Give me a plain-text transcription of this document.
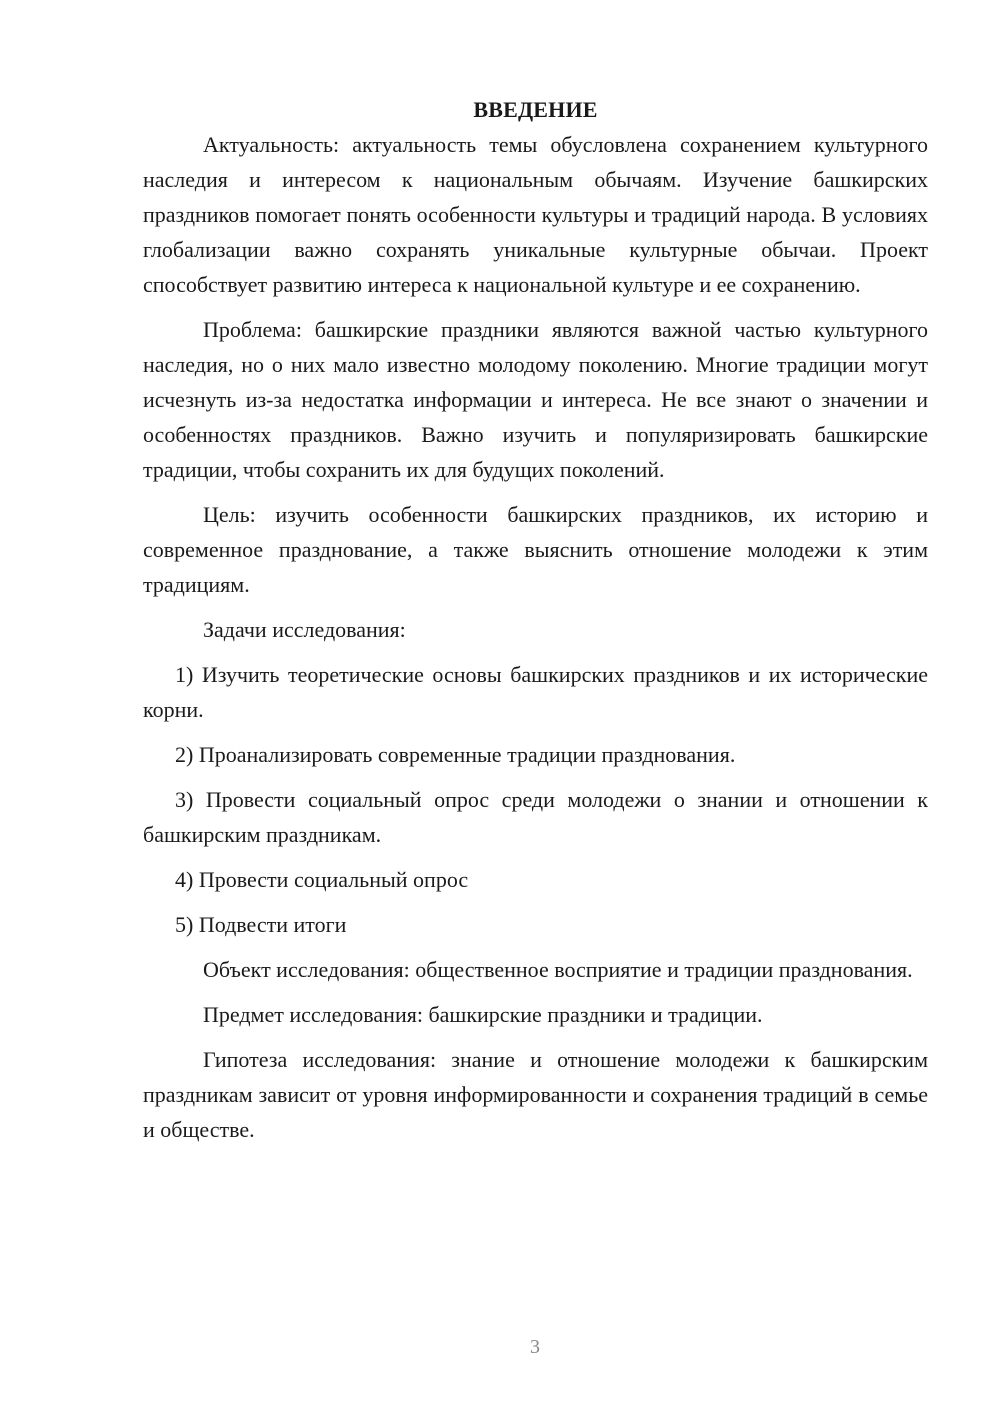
ВВЕДЕНИЕ

Актуальность: актуальность темы обусловлена сохранением культурного наследия и интересом к национальным обычаям. Изучение башкирских праздников помогает понять особенности культуры и традиций народа. В условиях глобализации важно сохранять уникальные культурные обычаи. Проект способствует развитию интереса к национальной культуре и ее сохранению.

Проблема: башкирские праздники являются важной частью культурного наследия, но о них мало известно молодому поколению. Многие традиции могут исчезнуть из-за недостатка информации и интереса. Не все знают о значении и особенностях праздников. Важно изучить и популяризировать башкирские традиции, чтобы сохранить их для будущих поколений.

Цель: изучить особенности башкирских праздников, их историю и современное празднование, а также выяснить отношение молодежи к этим традициям.

Задачи исследования:

1) Изучить теоретические основы башкирских праздников и их исторические корни.

2) Проанализировать современные традиции празднования.

3) Провести социальный опрос среди молодежи о знании и отношении к башкирским праздникам.

4) Провести социальный опрос

5) Подвести итоги

Объект исследования: общественное восприятие и традиции празднования.

Предмет исследования: башкирские праздники и традиции.

Гипотеза исследования: знание и отношение молодежи к башкирским праздникам зависит от уровня информированности и сохранения традиций в семье и обществе.

3
